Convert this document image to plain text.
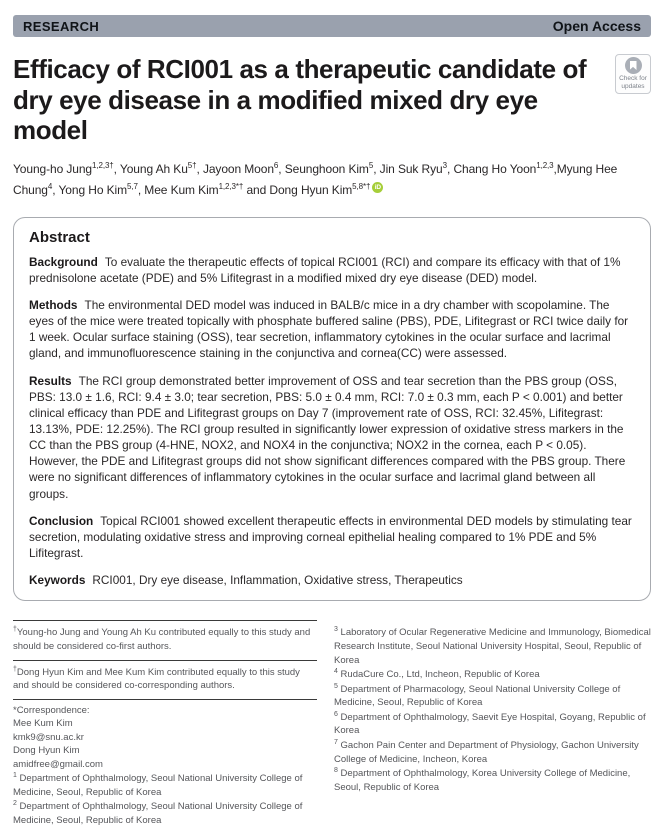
RESEARCH	Open Access
Efficacy of RCI001 as a therapeutic candidate of dry eye disease in a modified mixed dry eye model
Check for
updates

Young-ho Jung$^{1,2,3\dagger}$, Young Ah $Ku^{5\dagger}$, Jayoon Moon$^6$, Seunghoon Kim$^5$, Jin Suk Ryu$^3$, Chang Ho Yoon$^{1,2,3}$,Myung Hee Chung$^4$, Yong Ho Kim$^{5,7}$, Mee Kum Kim$^{1,2,3*\dagger}$ and Dong Hyun Kim$^{5,8*\dagger}$ iD

Abstract

Background To evaluate the therapeutic effects of topical RCI001 (RCI) and compare its efficacy with that of 1% prednisolone acetate (PDE) and 5% Lifitegrast in a modified mixed dry eye disease (DED) model.

Methods The environmental DED model was induced in BALB/c mice in a dry chamber with scopolamine. The eyes of the mice were treated topically with phosphate buffered saline (PBS), PDE, Lifitegrast or RCI twice daily for 1 week. Ocular surface staining (OSS), tear secretion, inflammatory cytokines in the ocular surface and lacrimal gland, and immunofluorescence staining in the conjunctiva and cornea(CC) were assessed.

Results The RCI group demonstrated better improvement of OSS and tear secretion than the PBS group (OSS, PBS: 13.0 ± 1.6, RCI: 9.4 ± 3.0; tear secretion, PBS: 5.0 ± 0.4 mm, RCI: 7.0 ± 0.3 mm, each P < 0.001) and better clinical efficacy than PDE and Lifitegrast groups on Day 7 (improvement rate of OSS, RCI: 32.45%, Lifitegrast: 13.13%, PDE: 12.25%). The RCI group resulted in significantly lower expression of oxidative stress markers in the CC than the PBS group (4-HNE, NOX2, and NOX4 in the conjunctiva; NOX2 in the cornea, each P < 0.05). However, the PDE and Lifitegrast groups did not show significant differences compared with the PBS group. There were no significant differences of inflammatory cytokines in the ocular surface and lacrimal gland between all groups.

Conclusion Topical RCI001 showed excellent therapeutic effects in environmental DED models by stimulating tear secretion, modulating oxidative stress and improving corneal epithelial healing compared to 1% PDE and 5% Lifitegrast.

Keywords RCI001, Dry eye disease, Inflammation, Oxidative stress, Therapeutics

†Young-ho Jung and Young Ah Ku contributed equally to this study and should be considered co-first authors.
†Dong Hyun Kim and Mee Kum Kim contributed equally to this study and should be considered co-corresponding authors.
*Correspondence:
Mee Kum Kim
kmk9@snu.ac.kr
Dong Hyun Kim
amidfree@gmail.com
$^1$ Department of Ophthalmology, Seoul National University College of Medicine, Seoul, Republic of Korea
$^2$ Department of Ophthalmology, Seoul National University College of Medicine, Seoul, Republic of Korea
$^3$ Laboratory of Ocular Regenerative Medicine and Immunology, Biomedical Research Institute, Seoul National University Hospital, Seoul, Republic of Korea
$^4$ RudaCure Co., Ltd, Incheon, Republic of Korea
$^5$ Department of Pharmacology, Seoul National University College of Medicine, Seoul, Republic of Korea
$^6$ Department of Ophthalmology, Saevit Eye Hospital, Goyang, Republic of Korea
$^7$ Gachon Pain Center and Department of Physiology, Gachon University College of Medicine, Incheon, Korea
$^8$ Department of Ophthalmology, Korea University College of Medicine, Seoul, Republic of Korea
